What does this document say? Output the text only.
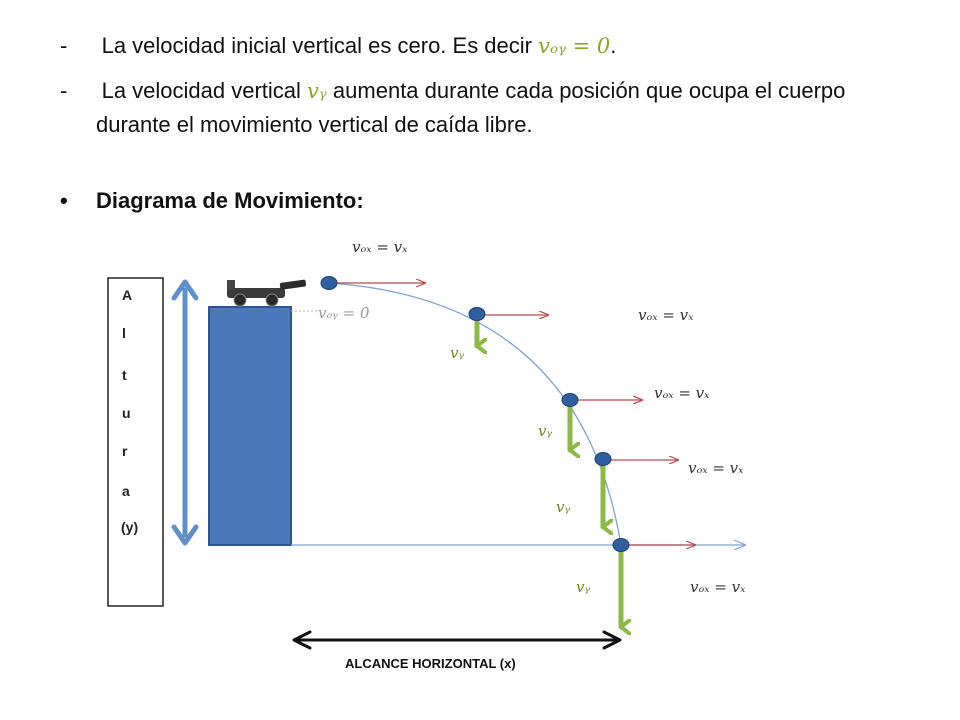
- La velocidad inicial vertical es cero. Es decir vₒᵧ = 0.
- La velocidad vertical vᵧ aumenta durante cada posición que ocupa el cuerpo
durante el movimiento vertical de caída libre.
• Diagrama de Movimiento:
A
l
t
u
r
a
(y)
vₒₓ = vₓ
vₒₓ = vₓ
vₒₓ = vₓ
vₒₓ = vₓ
vₒₓ = vₓ
vₒᵧ = 0
vᵧ
vᵧ
vᵧ
vᵧ
ALCANCE HORIZONTAL (x)
